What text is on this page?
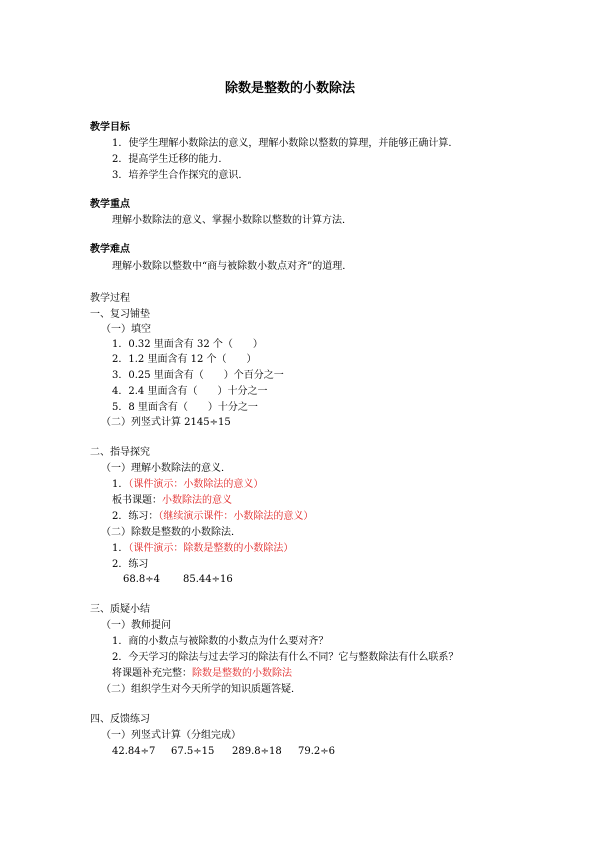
除数是整数的小数除法
教学目标
1．使学生理解小数除法的意义，理解小数除以整数的算理，并能够正确计算．
2．提高学生迁移的能力．
3．培养学生合作探究的意识．
教学重点
理解小数除法的意义、掌握小数除以整数的计算方法．
教学难点
理解小数除以整数中“商与被除数小数点对齐”的道理．
教学过程
一、复习铺垫
（一）填空
1．0.32 里面含有 32 个（　　）
2．1.2 里面含有 12 个（　　）
3．0.25 里面含有（　　）个百分之一
4．2.4 里面含有（　　）十分之一
5．8 里面含有（　　）十分之一
（二）列竖式计算 2145÷15
二、指导探究
（一）理解小数除法的意义．
1．（课件演示：小数除法的意义）
板书课题：小数除法的意义
2．练习：（继续演示课件：小数除法的意义）
（二）除数是整数的小数除法．
1．（课件演示：除数是整数的小数除法）
2．练习
68.8÷4 85.44÷16
三、质疑小结
（一）教师提问
1．商的小数点与被除数的小数点为什么要对齐？
2．今天学习的除法与过去学习的除法有什么不同？它与整数除法有什么联系？
将课题补充完整：除数是整数的小数除法
（二）组织学生对今天所学的知识质题答疑．
四、反馈练习
（一）列竖式计算（分组完成）
42.84÷7 67.5÷15 289.8÷18 79.2÷6
